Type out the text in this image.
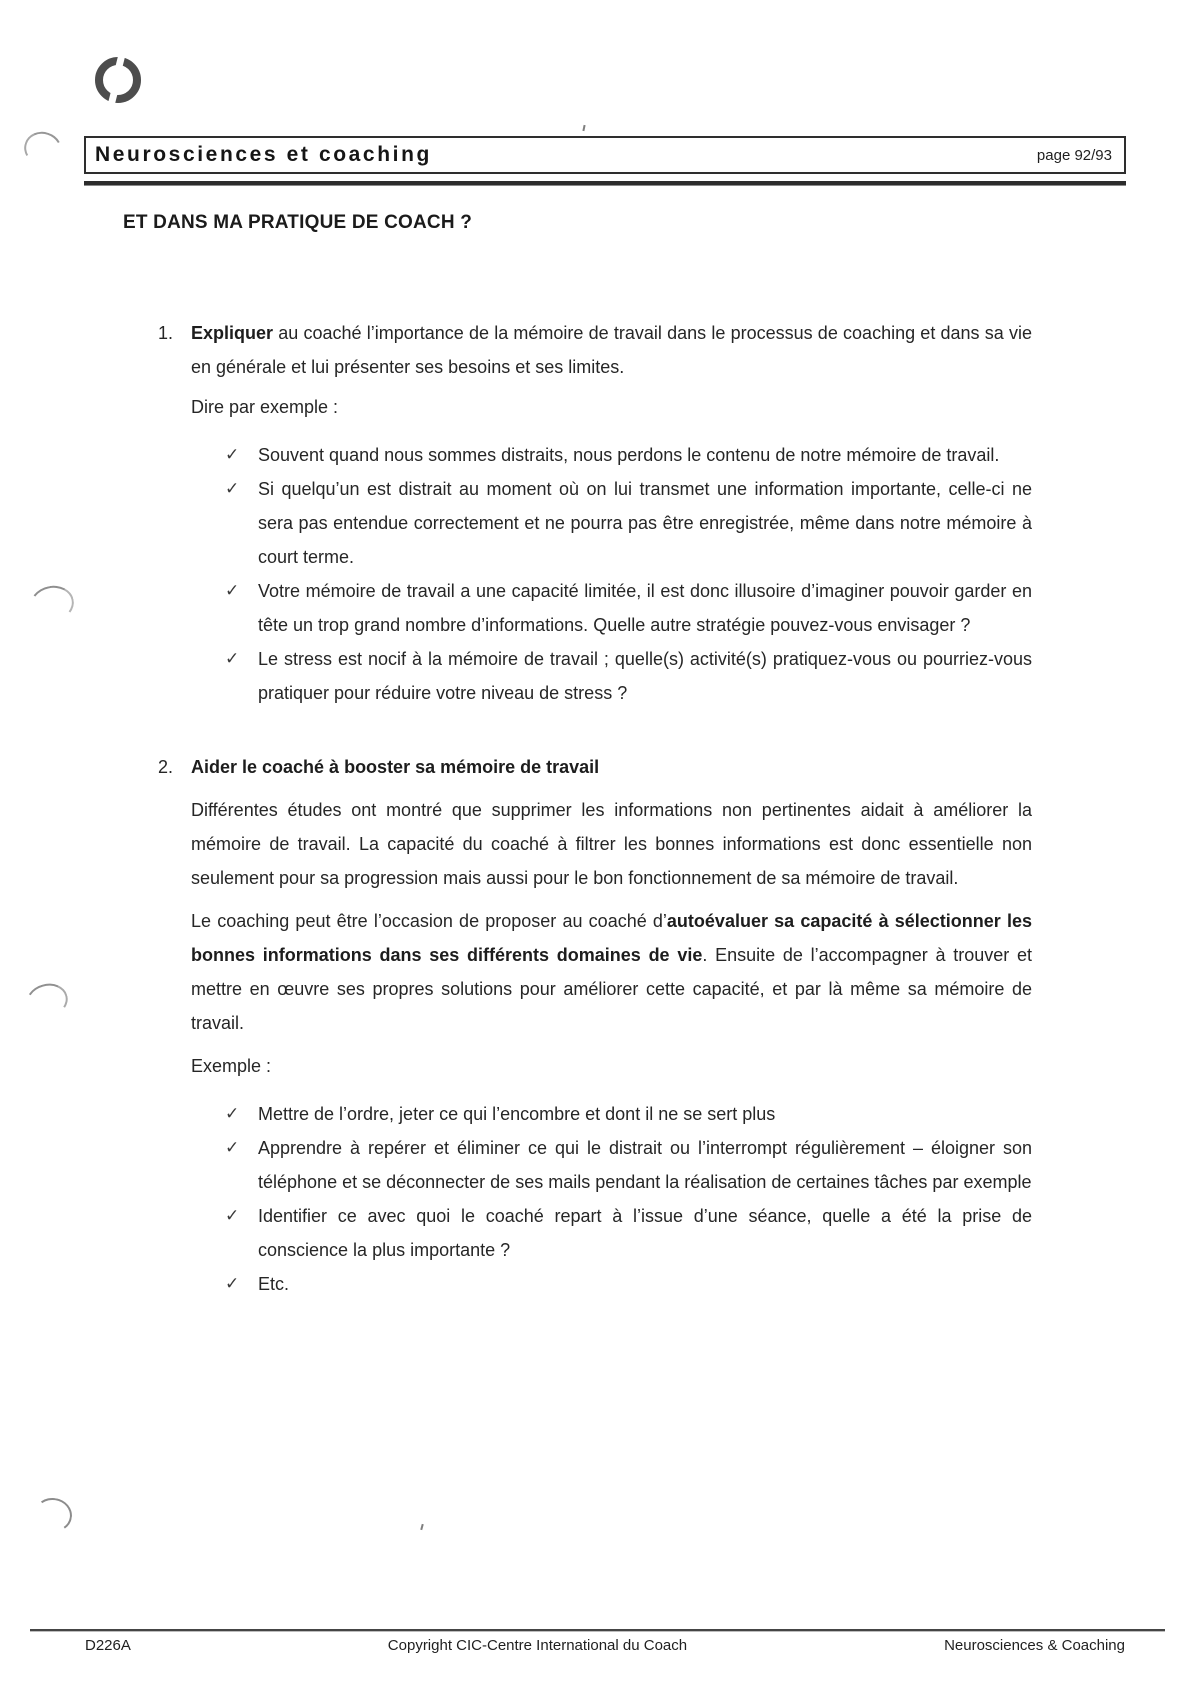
Neurosciences et coaching	page 92/93
ET DANS MA PRATIQUE DE COACH ?
1. Expliquer au coaché l’importance de la mémoire de travail dans le processus de coaching et dans sa vie en générale et lui présenter ses besoins et ses limites.

Dire par exemple :

✓	Souvent quand nous sommes distraits, nous perdons le contenu de notre mémoire de travail.
✓	Si quelqu’un est distrait au moment où on lui transmet une information importante, celle-ci ne sera pas entendue correctement et ne pourra pas être enregistrée, même dans notre mémoire à court terme.
✓	Votre mémoire de travail a une capacité limitée, il est donc illusoire d’imaginer pouvoir garder en tête un trop grand nombre d’informations. Quelle autre stratégie pouvez-vous envisager ?
✓	Le stress est nocif à la mémoire de travail ; quelle(s) activité(s) pratiquez-vous ou pourriez-vous pratiquer pour réduire votre niveau de stress ?
2. Aider le coaché à booster sa mémoire de travail

Différentes études ont montré que supprimer les informations non pertinentes aidait à améliorer la mémoire de travail. La capacité du coaché à filtrer les bonnes informations est donc essentielle non seulement pour sa progression mais aussi pour le bon fonctionnement de sa mémoire de travail.

Le coaching peut être l’occasion de proposer au coaché d’autoévaluer sa capacité à sélectionner les bonnes informations dans ses différents domaines de vie. Ensuite de l’accompagner à trouver et mettre en œuvre ses propres solutions pour améliorer cette capacité, et par là même sa mémoire de travail.

Exemple :

✓	Mettre de l’ordre, jeter ce qui l’encombre et dont il ne se sert plus
✓	Apprendre à repérer et éliminer ce qui le distrait ou l’interrompt régulièrement – éloigner son téléphone et se déconnecter de ses mails pendant la réalisation de certaines tâches par exemple
✓	Identifier ce avec quoi le coaché repart à l’issue d’une séance, quelle a été la prise de conscience la plus importante ?
✓	Etc.
D226A	Copyright CIC-Centre International du Coach	Neurosciences & Coaching
